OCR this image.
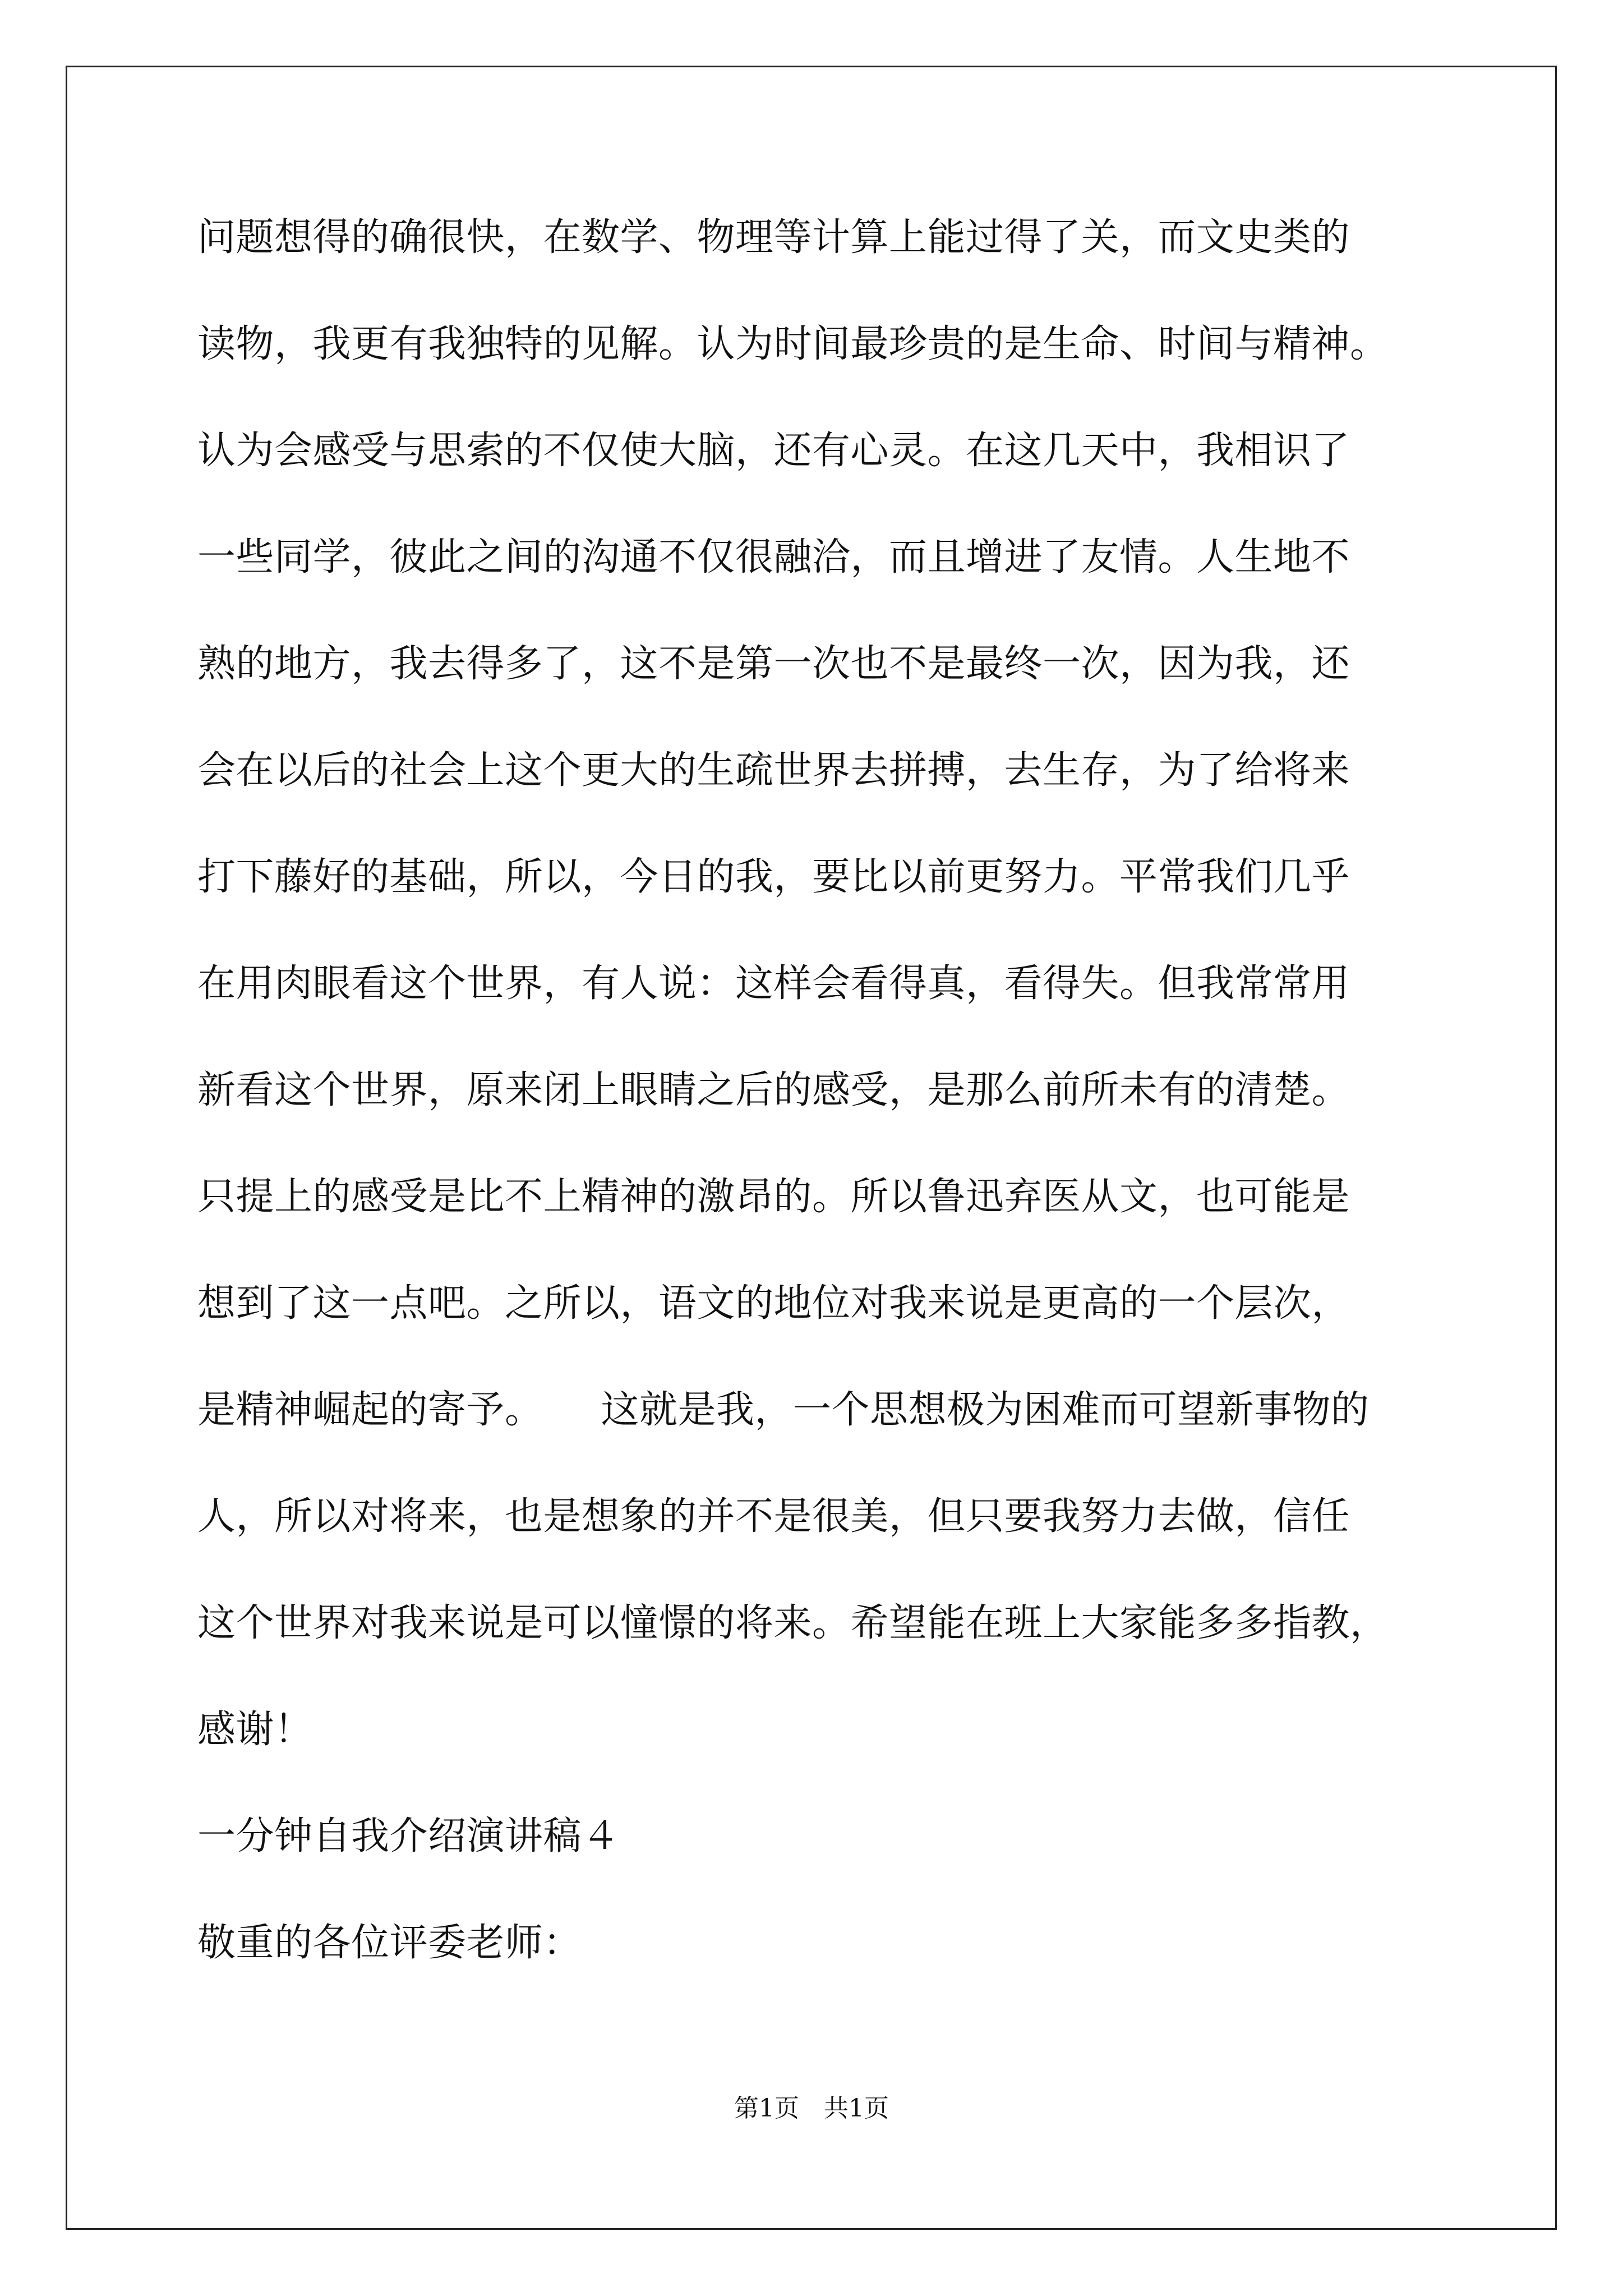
问题想得的确很快，在数学、物理等计算上能过得了关，而文史类的
读物，我更有我独特的见解。认为时间最珍贵的是生命、时间与精神。
认为会感受与思索的不仅使大脑，还有心灵。在这几天中，我相识了
一些同学，彼此之间的沟通不仅很融洽，而且增进了友情。人生地不
熟的地方，我去得多了，这不是第一次也不是最终一次，因为我，还
会在以后的社会上这个更大的生疏世界去拼搏，去生存，为了给将来
打下藤好的基础，所以，今日的我，要比以前更努力。平常我们几乎
在用肉眼看这个世界，有人说：这样会看得真，看得失。但我常常用
新看这个世界，原来闭上眼睛之后的感受，是那么前所未有的清楚。
只提上的感受是比不上精神的激昂的。所以鲁迅弃医从文，也可能是
想到了这一点吧。之所以，语文的地位对我来说是更高的一个层次，
是精神崛起的寄予。　　这就是我，一个思想极为困难而可望新事物的
人，所以对将来，也是想象的并不是很美，但只要我努力去做，信任
这个世界对我来说是可以憧憬的将来。希望能在班上大家能多多指教，
感谢！
一分钟自我介绍演讲稿４
敬重的各位评委老师：
第1页　共1页
